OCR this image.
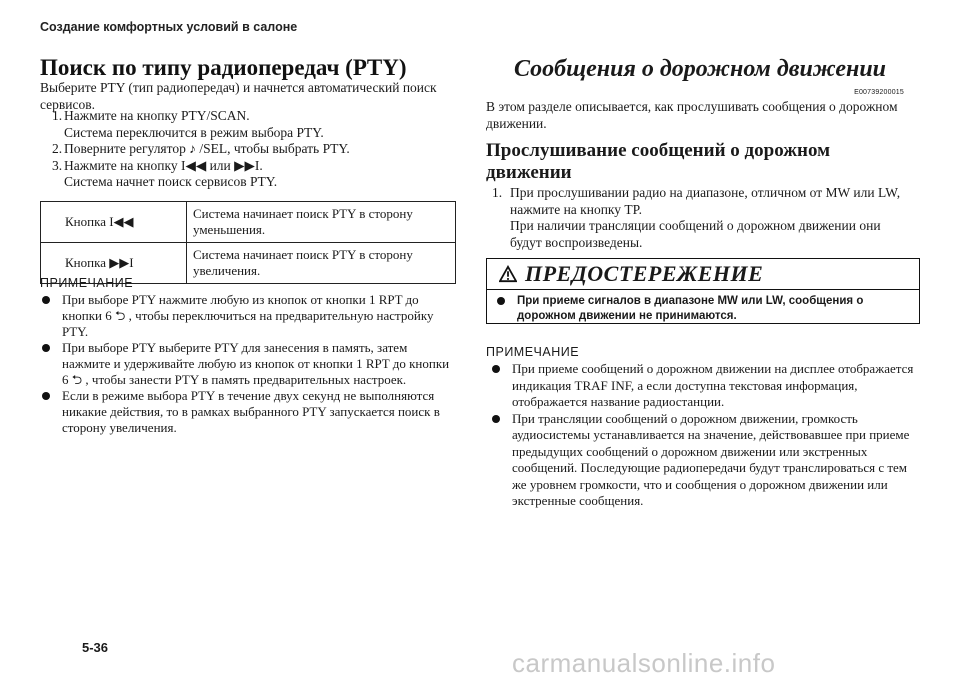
Создание комфортных условий в салоне
Поиск по типу радиопередач (PTY)
Выберите PTY (тип радиопередач) и начнется автоматический поиск сервисов.
1. Нажмите на кнопку PTY/SCAN.
Система переключится в режим выбора PTY.
2. Поверните регулятор ♪ /SEL, чтобы выбрать PTY.
3. Нажмите на кнопку I◀◀ или ▶▶I.
Система начнет поиск сервисов PTY.
Кнопка I◀◀	Система начинает поиск PTY в сторону уменьшения.
Кнопка ▶▶I	Система начинает поиск PTY в сторону увеличения.
ПРИМЕЧАНИЕ
При выборе PTY нажмите любую из кнопок от кнопки 1 RPT до кнопки 6 ⮌ , чтобы переключиться на предварительную настройку PTY.
При выборе PTY выберите PTY для занесения в память, затем нажмите и удерживайте любую из кнопок от кнопки 1 RPT до кнопки 6 ⮌ , чтобы занести PTY в память предварительных настроек.
Если в режиме выбора PTY в течение двух секунд не выполняются никакие действия, то в рамках выбранного PTY запускается поиск в сторону увеличения.
5-36
Сообщения о дорожном движении
E00739200015
В этом разделе описывается, как прослушивать сообщения о дорожном движении.
Прослушивание сообщений о дорожном движении
1. При прослушивании радио на диапазоне, отличном от MW или LW, нажмите на кнопку TP.
При наличии трансляции сообщений о дорожном движении они будут воспроизведены.
ПРЕДОСТЕРЕЖЕНИЕ
При приеме сигналов в диапазоне MW или LW, сообщения о дорожном движении не принимаются.
ПРИМЕЧАНИЕ
При приеме сообщений о дорожном движении на дисплее отображается индикация TRAF INF, а если доступна текстовая информация, отображается название радиостанции.
При трансляции сообщений о дорожном движении, громкость аудиосистемы устанавливается на значение, действовавшее при приеме предыдущих сообщений о дорожном движении или экстренных сообщений. Последующие радиопередачи будут транслироваться с тем же уровнем громкости, что и сообщения о дорожном движении или экстренные сообщения.
carmanualsonline.info
